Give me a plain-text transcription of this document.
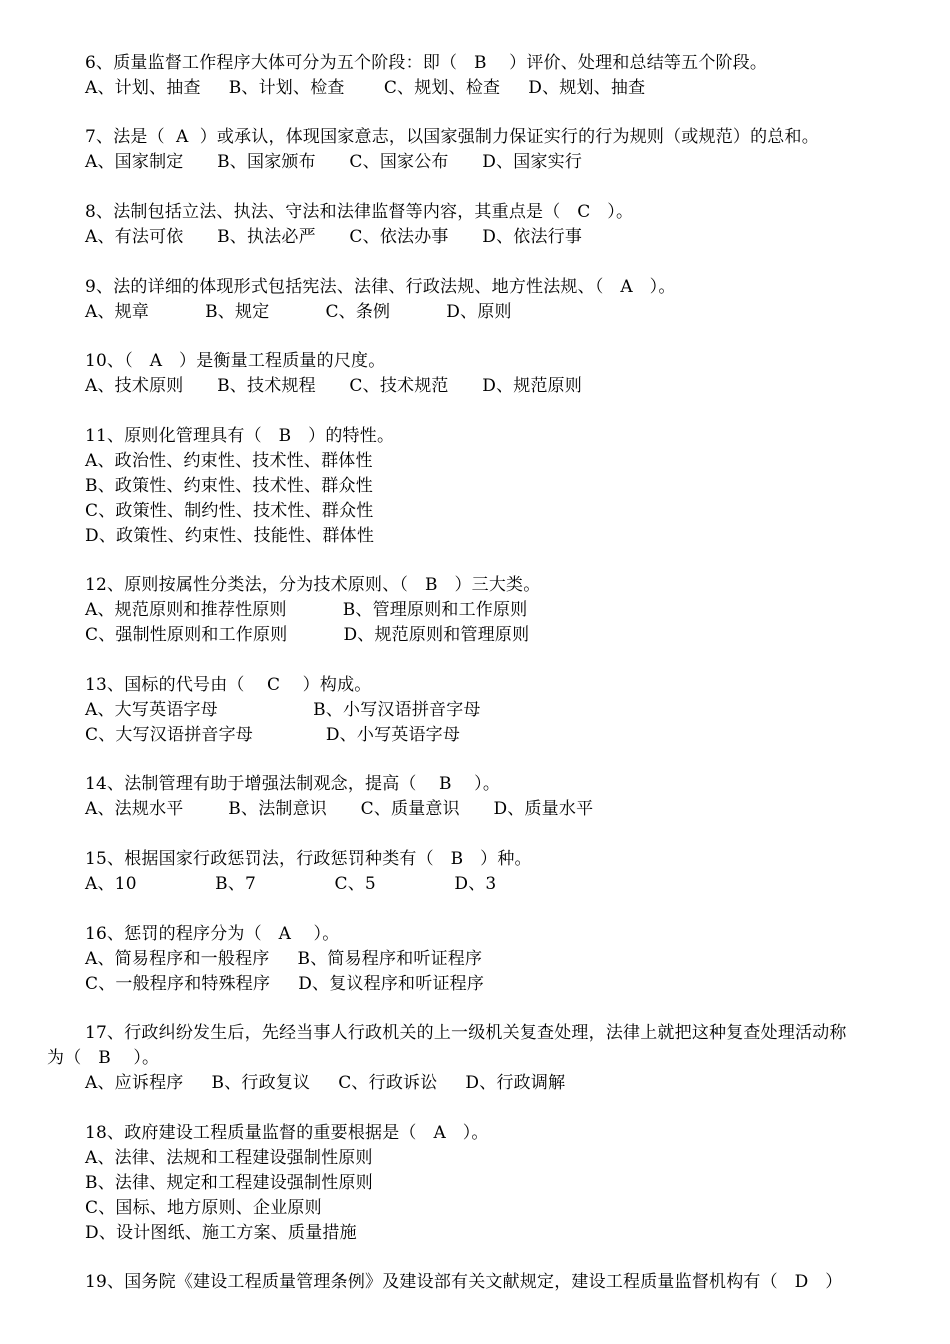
6、质量监督工作程序大体可分为五个阶段：即（   B    ）评价、处理和总结等五个阶段。
A、计划、抽查     B、计划、检查       C、规划、检查     D、规划、抽查
7、法是（  A  ）或承认，体现国家意志，以国家强制力保证实行的行为规则（或规范）的总和。
A、国家制定      B、国家颁布      C、国家公布      D、国家实行
8、法制包括立法、执法、守法和法律监督等内容，其重点是（   C   ）。
A、有法可依      B、执法必严      C、依法办事      D、依法行事
9、法的详细的体现形式包括宪法、法律、行政法规、地方性法规、（   A   ）。
A、规章          B、规定          C、条例          D、原则
10、（   A   ）是衡量工程质量的尺度。
A、技术原则      B、技术规程      C、技术规范      D、规范原则
11、原则化管理具有（   B   ）的特性。
A、政治性、约束性、技术性、群体性
B、政策性、约束性、技术性、群众性
C、政策性、制约性、技术性、群众性
D、政策性、约束性、技能性、群体性
12、原则按属性分类法，分为技术原则、（   B   ）三大类。
A、规范原则和推荐性原则          B、管理原则和工作原则
C、强制性原则和工作原则          D、规范原则和管理原则
13、国标的代号由（    C    ）构成。
A、大写英语字母                 B、小写汉语拼音字母
C、大写汉语拼音字母             D、小写英语字母
14、法制管理有助于增强法制观念，提高（    B    ）。
A、法规水平        B、法制意识      C、质量意识      D、质量水平
15、根据国家行政惩罚法，行政惩罚种类有（   B   ）种。
A、10              B、7              C、5              D、3
16、惩罚的程序分为（   A    ）。
A、简易程序和一般程序     B、简易程序和听证程序
C、一般程序和特殊程序     D、复议程序和听证程序
17、行政纠纷发生后，先经当事人行政机关的上一级机关复查处理，法律上就把这种复查处理活动称
为（   B    ）。
A、应诉程序     B、行政复议     C、行政诉讼     D、行政调解
18、政府建设工程质量监督的重要根据是（   A   ）。
A、法律、法规和工程建设强制性原则
B、法律、规定和工程建设强制性原则
C、国标、地方原则、企业原则
D、设计图纸、施工方案、质量措施
19、国务院《建设工程质量管理条例》及建设部有关文献规定，建设工程质量监督机构有（   D   ）
